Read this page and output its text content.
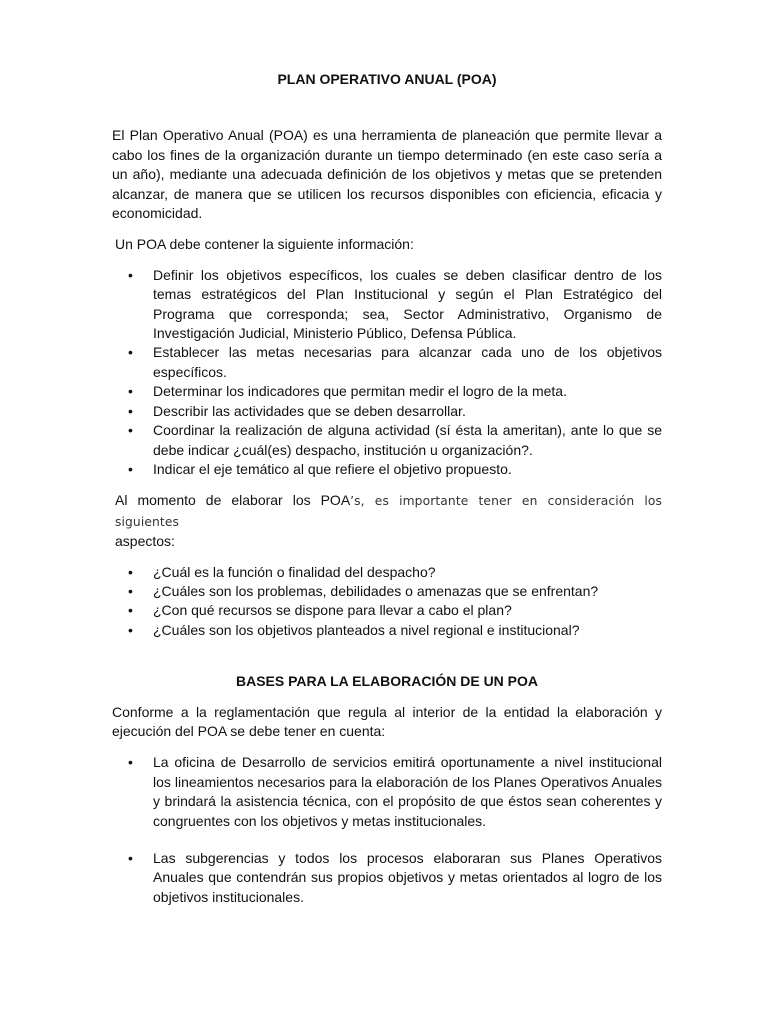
PLAN OPERATIVO ANUAL (POA)

El Plan Operativo Anual (POA) es una herramienta de planeación que permite llevar a cabo los fines de la organización durante un tiempo determinado (en este caso sería a un año), mediante una adecuada definición de los objetivos y metas que se pretenden alcanzar, de manera que se utilicen los recursos disponibles con eficiencia, eficacia y economicidad.

Un POA debe contener la siguiente información:

• Definir los objetivos específicos, los cuales se deben clasificar dentro de los temas estratégicos del Plan Institucional y según el Plan Estratégico del Programa que corresponda; sea, Sector Administrativo, Organismo de Investigación Judicial, Ministerio Público, Defensa Pública.
• Establecer las metas necesarias para alcanzar cada uno de los objetivos específicos.
• Determinar los indicadores que permitan medir el logro de la meta.
• Describir las actividades que se deben desarrollar.
• Coordinar la realización de alguna actividad (sí ésta la ameritan), ante lo que se debe indicar ¿cuál(es) despacho, institución u organización?.
• Indicar el eje temático al que refiere el objetivo propuesto.

Al momento de elaborar los POA’s, es importante tener en consideración los siguientes
aspectos:

• ¿Cuál es la función o finalidad del despacho?
• ¿Cuáles son los problemas, debilidades o amenazas que se enfrentan?
• ¿Con qué recursos se dispone para llevar a cabo el plan?
• ¿Cuáles son los objetivos planteados a nivel regional e institucional?

BASES PARA LA ELABORACIÓN DE UN POA

Conforme a la reglamentación que regula al interior de la entidad la elaboración y ejecución del POA se debe tener en cuenta:

• La oficina de Desarrollo de servicios emitirá oportunamente a nivel institucional los lineamientos necesarios para la elaboración de los Planes Operativos Anuales y brindará la asistencia técnica, con el propósito de que éstos sean coherentes y congruentes con los objetivos y metas institucionales.
• Las subgerencias y todos los procesos elaboraran sus Planes Operativos Anuales que contendrán sus propios objetivos y metas orientados al logro de los objetivos institucionales.
